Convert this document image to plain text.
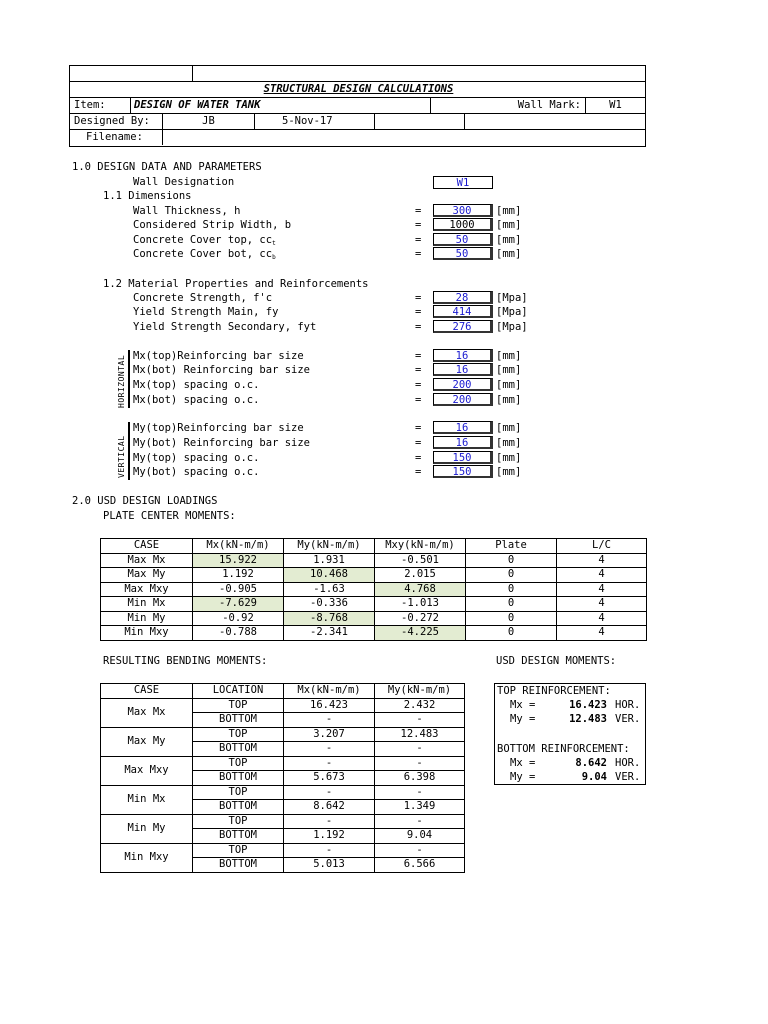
STRUCTURAL DESIGN CALCULATIONS
Item:	DESIGN OF WATER TANK	Wall Mark:	W1
Designed By:	JB	5-Nov-17
Filename:
1.0 DESIGN DATA AND PARAMETERS
Wall Designation	W1
1.1 Dimensions
Wall Thickness, h	=	300	[mm]
Considered Strip Width, b	=	1000	[mm]
Concrete Cover top, $cc_t$	=	50	[mm]
Concrete Cover bot, $cc_b$	=	50	[mm]
1.2 Material Properties and Reinforcements
Concrete Strength, f'c	=	28	[Mpa]
Yield Strength Main, fy	=	414	[Mpa]
Yield Strength Secondary, fyt	=	276	[Mpa]
HORIZONTAL Mx(top)Reinforcing bar size	=	16	[mm]
Mx(bot) Reinforcing bar size	=	16	[mm]
Mx(top) spacing o.c.	=	200	[mm]
Mx(bot) spacing o.c.	=	200	[mm]
VERTICAL
My(top)Reinforcing bar size	=	16	[mm]
My(bot) Reinforcing bar size	=	16	[mm]
My(top) spacing o.c.	=	150	[mm]
My(bot) spacing o.c.	=	150	[mm]
2.0 USD DESIGN LOADINGS
PLATE CENTER MOMENTS:
CASE	Mx(kN-m/m)	My(kN-m/m)	Mxy(kN-m/m)	Plate	L/C
Max Mx	15.922	1.931	-0.501	0	4
Max My	1.192	10.468	2.015	0	4
Max Mxy	-0.905	-1.63	4.768	0	4
Min Mx	-7.629	-0.336	-1.013	0	4
Min My	-0.92	-8.768	-0.272	0	4
Min Mxy	-0.788	-2.341	-4.225	0	4
RESULTING BENDING MOMENTS:	USD DESIGN MOMENTS:
CASE	LOCATION	Mx(kN-m/m)	My(kN-m/m)
Max Mx	TOP	16.423	2.432
	BOTTOM	-	-
Max My	TOP	3.207	12.483
	BOTTOM	-	-
Max Mxy	TOP	-	-
	BOTTOM	5.673	6.398
Min Mx	TOP	-	-
	BOTTOM	8.642	1.349
Min My	TOP	-	-
	BOTTOM	1.192	9.04
Min Mxy	TOP	-	-
	BOTTOM	5.013	6.566
TOP REINFORCEMENT:
Mx =	16.423 HOR.
My =	12.483 VER.
BOTTOM REINFORCEMENT:
Mx =	8.642 HOR.
My =	9.04 VER.
